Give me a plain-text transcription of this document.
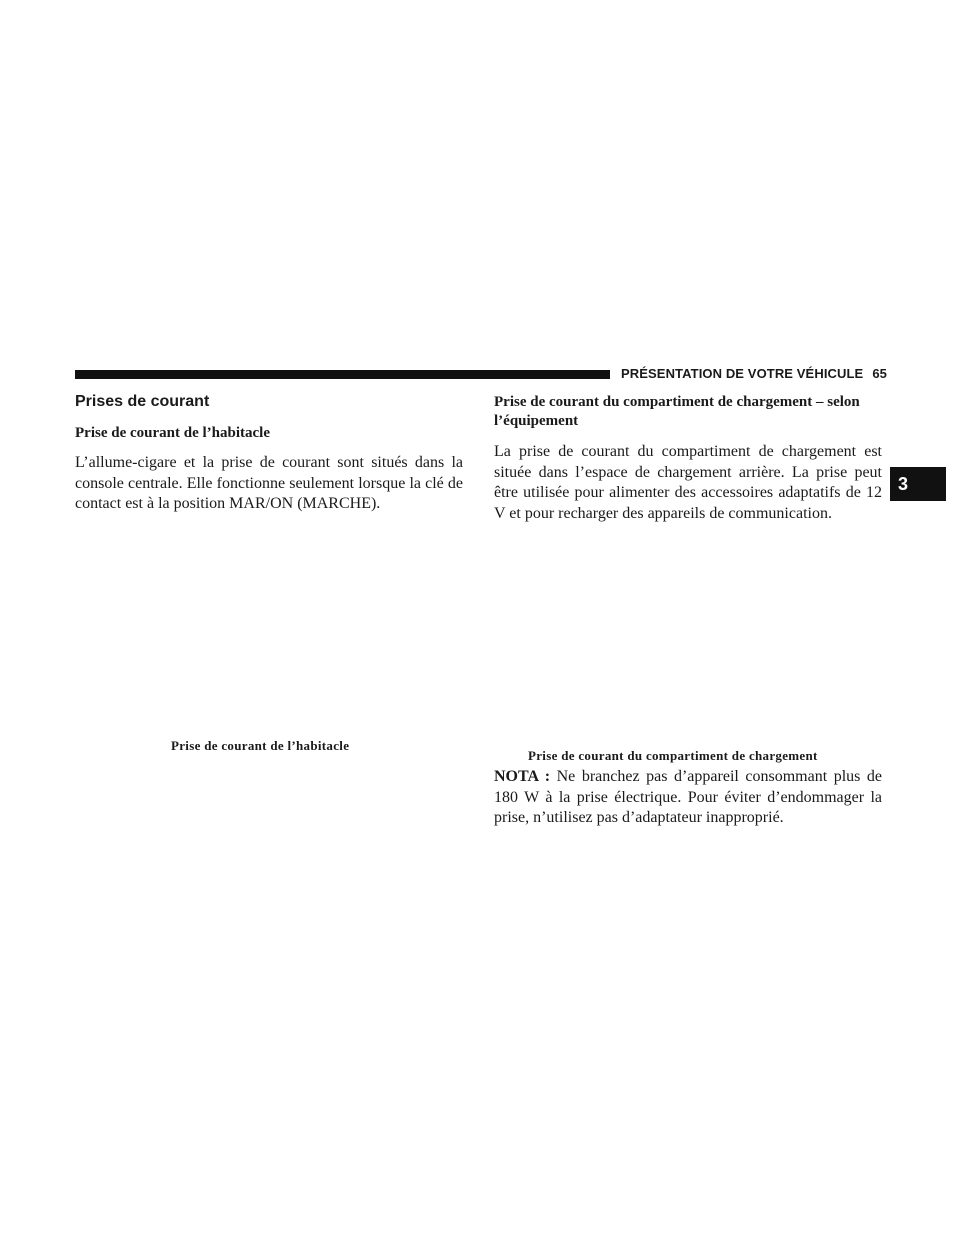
PRÉSENTATION DE VOTRE VÉHICULE 65
3
Prises de courant
Prise de courant de l’habitacle

L’allume-cigare et la prise de courant sont situés dans la console centrale. Elle fonctionne seulement lorsque la clé de contact est à la position MAR/ON (MARCHE).

Prise de courant de l’habitacle
Prise de courant du compartiment de chargement – selon l’équipement

La prise de courant du compartiment de chargement est située dans l’espace de chargement arrière. La prise peut être utilisée pour alimenter des accessoires adaptatifs de 12 V et pour recharger des appareils de communication.

Prise de courant du compartiment de chargement

NOTA : Ne branchez pas d’appareil consommant plus de 180 W à la prise électrique. Pour éviter d’endommager la prise, n’utilisez pas d’adaptateur inapproprié.
